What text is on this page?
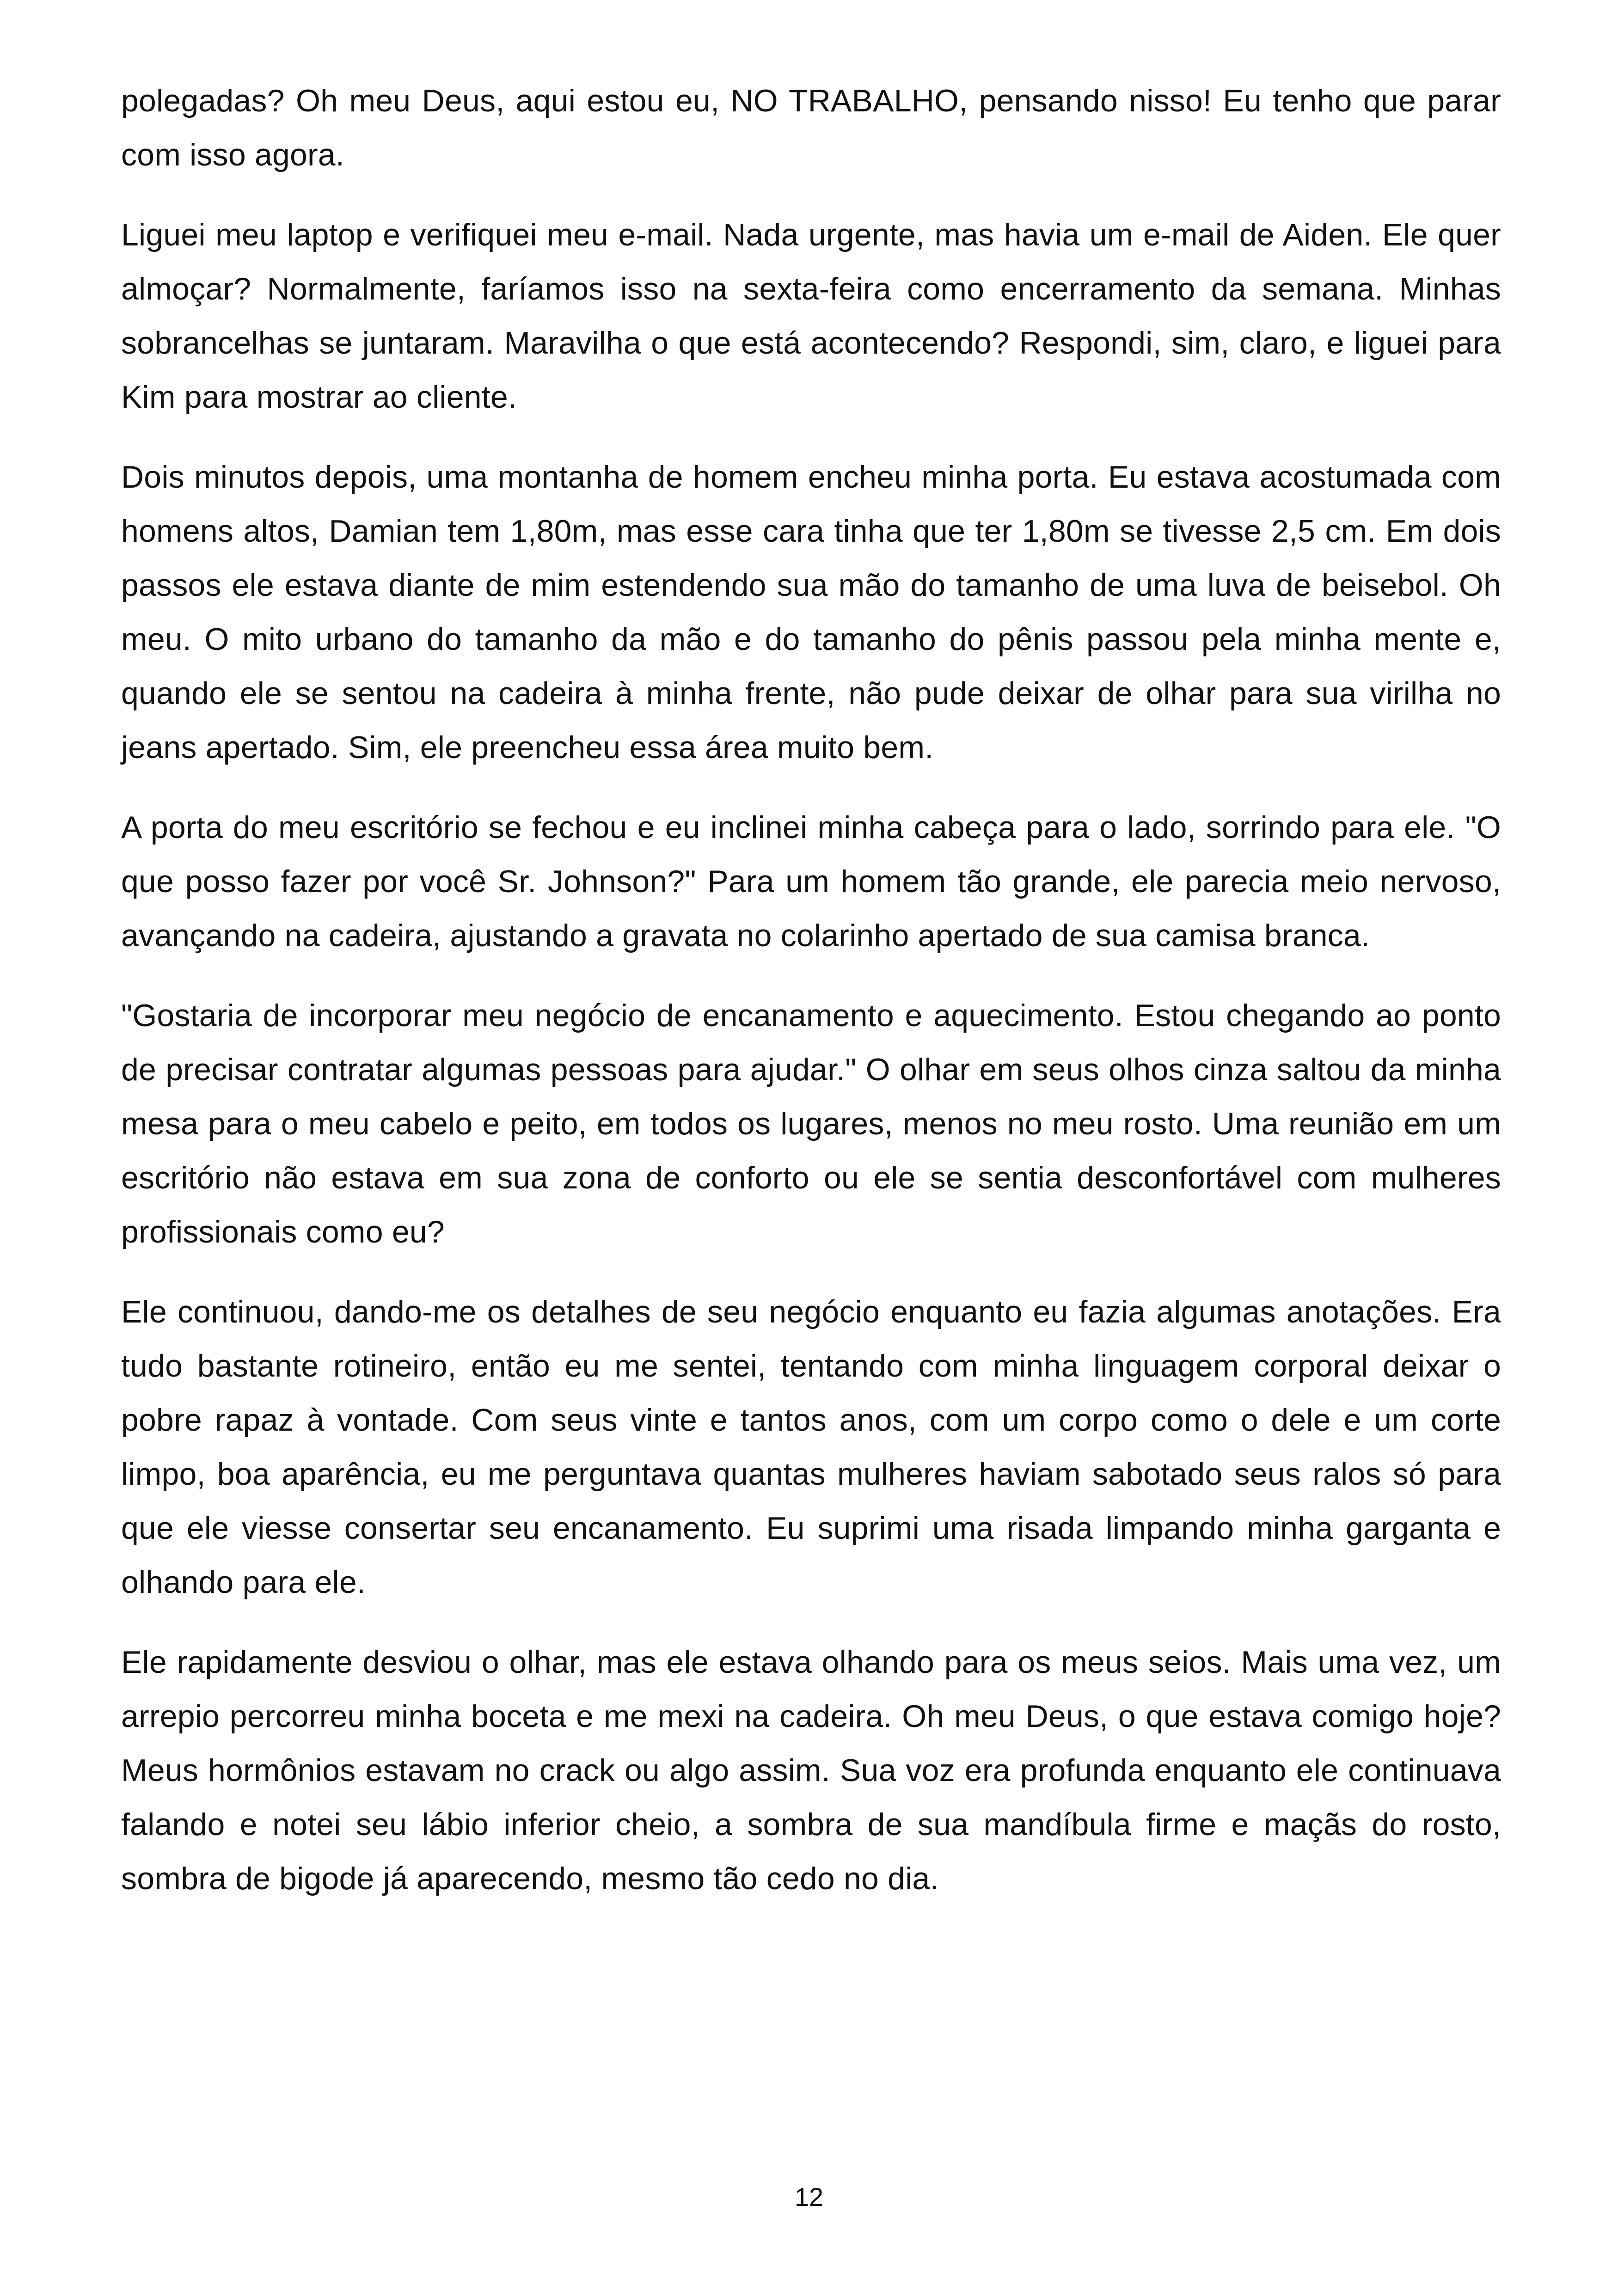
polegadas? Oh meu Deus, aqui estou eu, NO TRABALHO, pensando nisso! Eu tenho que parar com isso agora.

Liguei meu laptop e verifiquei meu e-mail. Nada urgente, mas havia um e-mail de Aiden. Ele quer almoçar? Normalmente, faríamos isso na sexta-feira como encerramento da semana. Minhas sobrancelhas se juntaram. Maravilha o que está acontecendo? Respondi, sim, claro, e liguei para Kim para mostrar ao cliente.

Dois minutos depois, uma montanha de homem encheu minha porta. Eu estava acostumada com homens altos, Damian tem 1,80m, mas esse cara tinha que ter 1,80m se tivesse 2,5 cm. Em dois passos ele estava diante de mim estendendo sua mão do tamanho de uma luva de beisebol. Oh meu. O mito urbano do tamanho da mão e do tamanho do pênis passou pela minha mente e, quando ele se sentou na cadeira à minha frente, não pude deixar de olhar para sua virilha no jeans apertado. Sim, ele preencheu essa área muito bem.

A porta do meu escritório se fechou e eu inclinei minha cabeça para o lado, sorrindo para ele. "O que posso fazer por você Sr. Johnson?" Para um homem tão grande, ele parecia meio nervoso, avançando na cadeira, ajustando a gravata no colarinho apertado de sua camisa branca.

"Gostaria de incorporar meu negócio de encanamento e aquecimento. Estou chegando ao ponto de precisar contratar algumas pessoas para ajudar." O olhar em seus olhos cinza saltou da minha mesa para o meu cabelo e peito, em todos os lugares, menos no meu rosto. Uma reunião em um escritório não estava em sua zona de conforto ou ele se sentia desconfortável com mulheres profissionais como eu?

Ele continuou, dando-me os detalhes de seu negócio enquanto eu fazia algumas anotações. Era tudo bastante rotineiro, então eu me sentei, tentando com minha linguagem corporal deixar o pobre rapaz à vontade. Com seus vinte e tantos anos, com um corpo como o dele e um corte limpo, boa aparência, eu me perguntava quantas mulheres haviam sabotado seus ralos só para que ele viesse consertar seu encanamento. Eu suprimi uma risada limpando minha garganta e olhando para ele.

Ele rapidamente desviou o olhar, mas ele estava olhando para os meus seios. Mais uma vez, um arrepio percorreu minha boceta e me mexi na cadeira. Oh meu Deus, o que estava comigo hoje? Meus hormônios estavam no crack ou algo assim. Sua voz era profunda enquanto ele continuava falando e notei seu lábio inferior cheio, a sombra de sua mandíbula firme e maçãs do rosto, sombra de bigode já aparecendo, mesmo tão cedo no dia.

12
